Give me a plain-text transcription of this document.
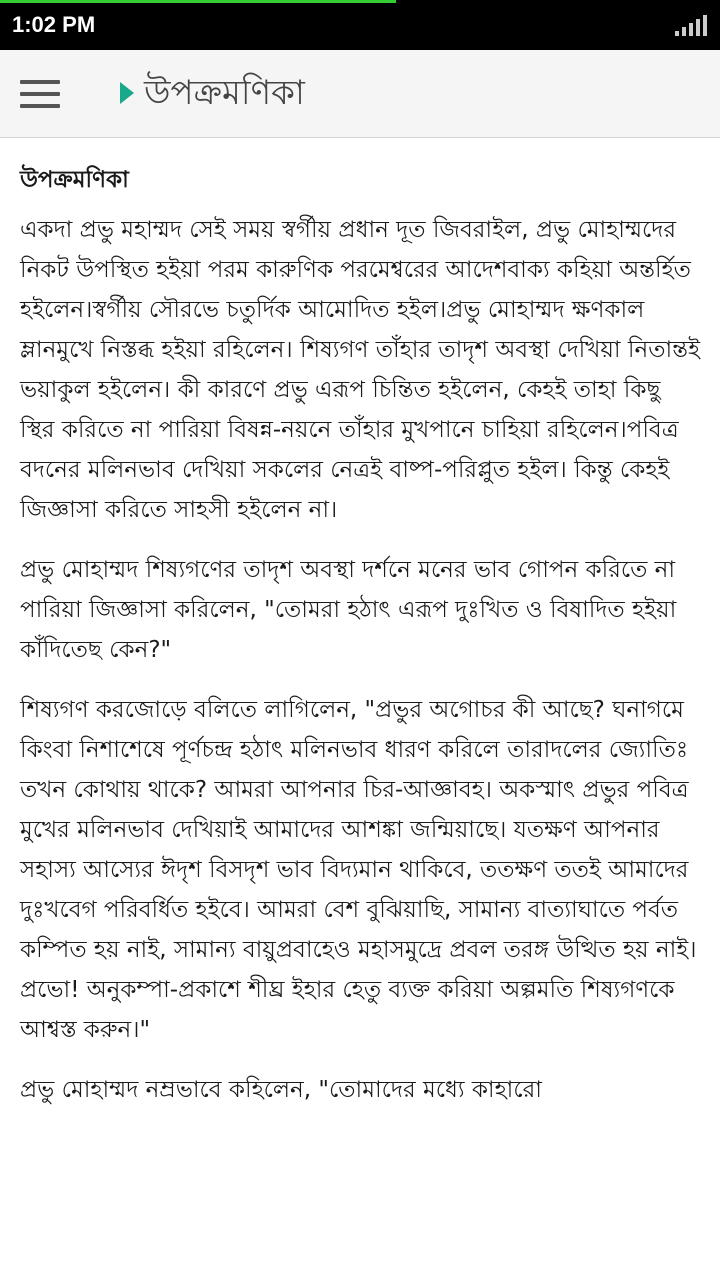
1:02 PM
উপক্রমণিকা
উপক্রমণিকা

একদা প্রভু মহাম্মদ সেই সময় স্বর্গীয় প্রধান দূত জিবরাইল, প্রভু মোহাম্মদের নিকট উপস্থিত হইয়া পরম কারুণিক পরমেশ্বরের আদেশবাক্য কহিয়া অন্তর্হিত হইলেন।স্বর্গীয় সৌরভে চতুর্দিক আমোদিত হইল।প্রভু মোহাম্মদ ক্ষণকাল ম্লানমুখে নিস্তব্ধ হইয়া রহিলেন। শিষ্যগণ তাঁহার তাদৃশ অবস্থা দেখিয়া নিতান্তই ভয়াকুল হইলেন। কী কারণে প্রভু এরূপ চিন্তিত হইলেন, কেহই তাহা কিছু স্থির করিতে না পারিয়া বিষন্ন-নয়নে তাঁহার মুখপানে চাহিয়া রহিলেন।পবিত্র বদনের মলিনভাব দেখিয়া সকলের নেত্রই বাষ্প-পরিপ্লুত হইল। কিন্তু কেহই জিজ্ঞাসা করিতে সাহসী হইলেন না।

প্রভু মোহাম্মদ শিষ্যগণের তাদৃশ অবস্থা দর্শনে মনের ভাব গোপন করিতে না পারিয়া জিজ্ঞাসা করিলেন, "তোমরা হঠাৎ এরূপ দুঃখিত ও বিষাদিত হইয়া কাঁদিতেছ কেন?"

শিষ্যগণ করজোড়ে বলিতে লাগিলেন, "প্রভুর অগোচর কী আছে? ঘনাগমে কিংবা নিশাশেষে পূর্ণচন্দ্র হঠাৎ মলিনভাব ধারণ করিলে তারাদলের জ্যোতিঃ তখন কোথায় থাকে? আমরা আপনার চির-আজ্ঞাবহ। অকস্মাৎ প্রভুর পবিত্র মুখের মলিনভাব দেখিয়াই আমাদের আশঙ্কা জন্মিয়াছে। যতক্ষণ আপনার সহাস্য আস্যের ঈদৃশ বিসদৃশ ভাব বিদ্যমান থাকিবে, ততক্ষণ ততই আমাদের দুঃখবেগ পরিবর্ধিত হইবে। আমরা বেশ বুঝিয়াছি, সামান্য বাত্যাঘাতে পর্বত কম্পিত হয় নাই, সামান্য বায়ুপ্রবাহেও মহাসমুদ্রে প্রবল তরঙ্গ উত্থিত হয় নাই। প্রভো! অনুকম্পা-প্রকাশে শীঘ্র ইহার হেতু ব্যক্ত করিয়া অল্পমতি শিষ্যগণকে আশ্বস্ত করুন।"

প্রভু মোহাম্মদ নম্রভাবে কহিলেন, "তোমাদের মধ্যে কাহারো
